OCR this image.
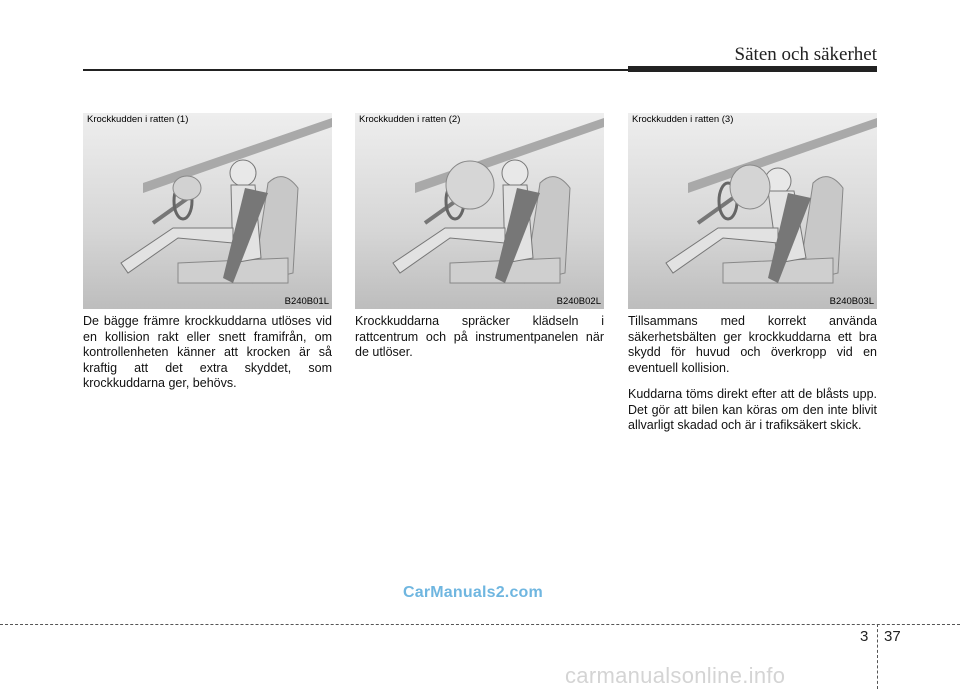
Säten och säkerhet
Krockkudden i ratten (1)
B240B01L
Krockkudden i ratten (2)
B240B02L
Krockkudden i ratten (3)
B240B03L

De bägge främre krockkuddarna utlöses vid en kollision rakt eller snett framifrån, om kontrollenheten känner att krocken är så kraftig att det extra skyddet, som krockkuddarna ger, behövs.

Krockkuddarna spräcker klädseln i rattcentrum och på instrumentpanelen när de utlöser.

Tillsammans med korrekt använda säkerhetsbälten ger krockkuddarna ett bra skydd för huvud och överkropp vid en eventuell kollision.

Kuddarna töms direkt efter att de blåsts upp. Det gör att bilen kan köras om den inte blivit allvarligt skadad och är i trafiksäkert skick.

CarManuals2.com
3 37
carmanualsonline.info
